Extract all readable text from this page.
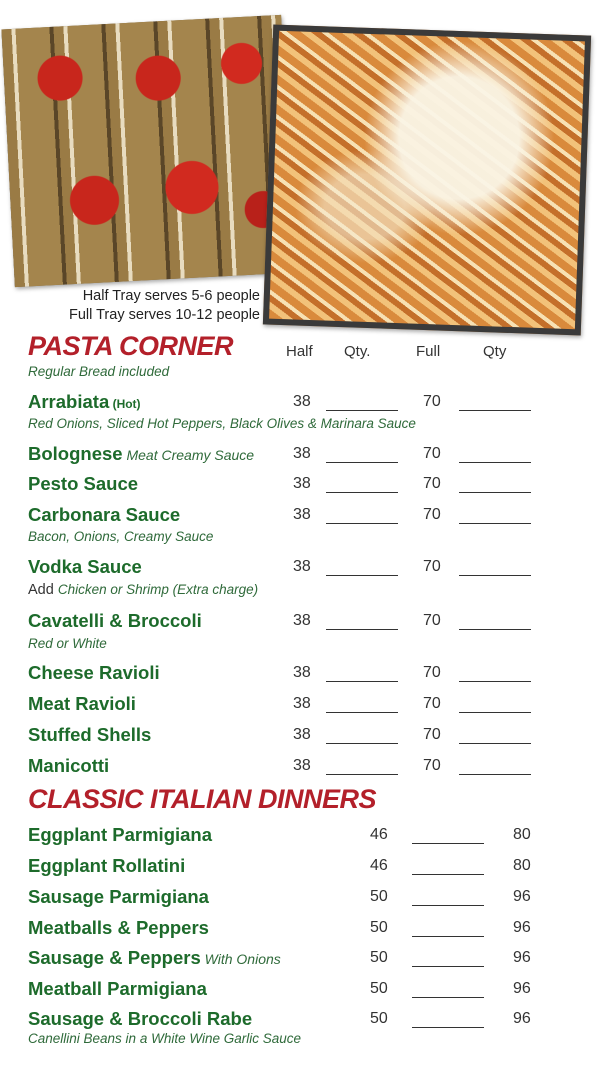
Half Tray serves 5-6 people
Full Tray serves 10-12 people
PASTA CORNER
Regular Bread included
Half Qty.	Full	Qty
Arrabiata (Hot)	38	70
Red Onions, Sliced Hot Peppers, Black Olives & Marinara Sauce
Bolognese Meat Creamy Sauce 38	70
Pesto Sauce	38	70
Carbonara Sauce	38	70
Bacon, Onions, Creamy Sauce
Vodka Sauce	38	70
Add Chicken or Shrimp (Extra charge)
Cavatelli & Broccoli	38	70
Red or White
Cheese Ravioli	38	70
Meat Ravioli	38	70
Stuffed Shells	38	70
Manicotti	38	70
CLASSIC ITALIAN DINNERS
Eggplant Parmigiana	46	80
Eggplant Rollatini	46	80
Sausage Parmigiana	50	96
Meatballs & Peppers	50	96
Sausage & Peppers With Onions	50	96
Meatball Parmigiana	50	96
Sausage & Broccoli Rabe	50	96
Canellini Beans in a White Wine Garlic Sauce
